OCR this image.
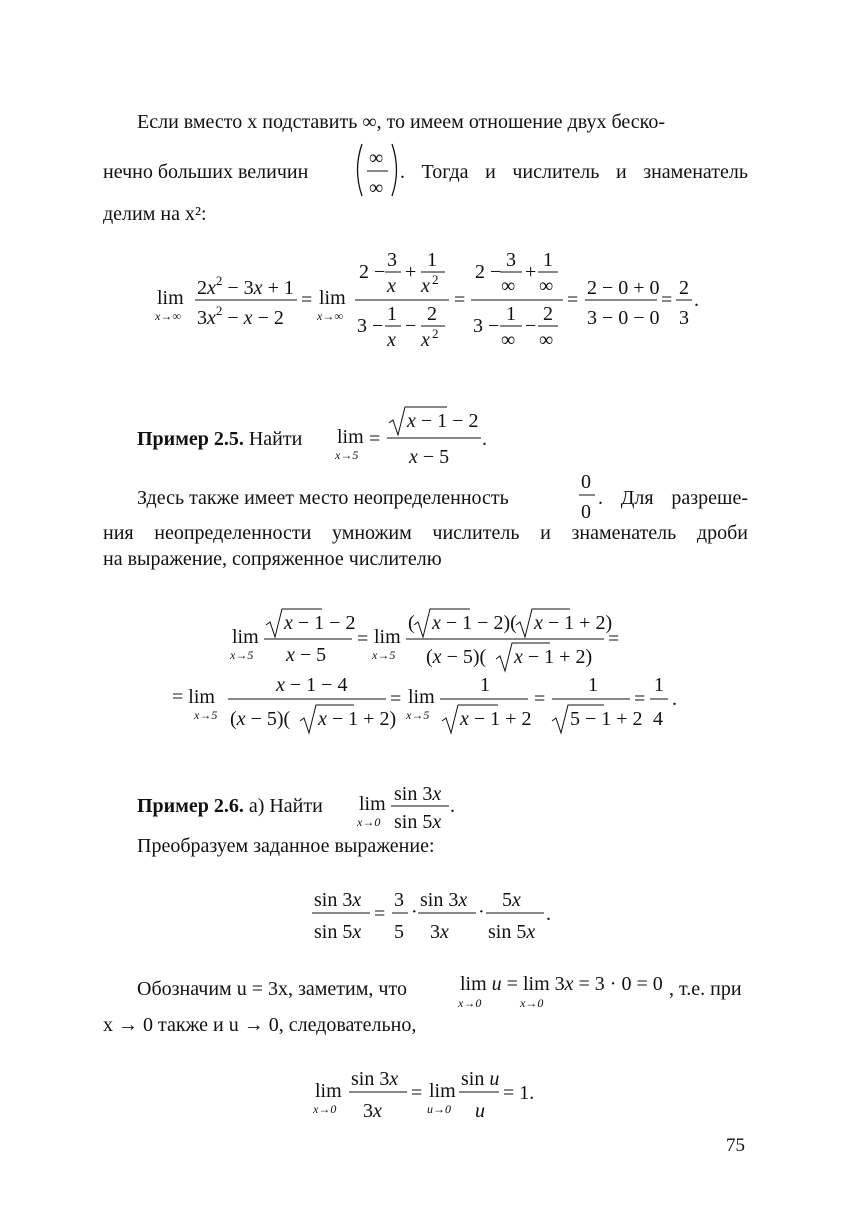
Если вместо x подставить ∞, то имеем отношение двух беско-
нечно больших величин
∞
∞
. Тогда и числитель и знаменатель
делим на x²:
lim
x→∞
$2x^2 - 3x + 1$
$3x^2 - x - 2$
= lim
x→∞
2 −
3
x
+
1
x 2
3 −
1
x
−
2
x 2
=
2 −
3
∞
+
1
∞
3 −
1
∞
−
2
∞
=
2 − 0 + 0
3 − 0 − 0
=
2
3
.
Пример 2.5. Найти lim
x→5
=
x − 1 − 2
x − 5
.
Здесь также имеет место неопределенность
0
0
. Для разреше-
ния неопределенности умножим числитель и знаменатель дроби
на выражение, сопряженное числителю
lim
x→5
x − 1 − 2
x − 5
= lim
x→5
( x − 1 − 2)( x − 1 + 2)
(x − 5)( x − 1 + 2)
=
= lim
x→5
x − 1 − 4
(x − 5)( x − 1 + 2)
= lim
x→5
1
x − 1 + 2
=
1
5 − 1 + 2
=
1
4
.
Пример 2.6. а) Найти lim
x→0
sin 3x
sin 5x
.
Преобразуем заданное выражение:
sin 3x
sin 5x
=
3
5
·
sin 3x
3x
·
5x
sin 5x
.
Обозначим u = 3x, заметим, что	lim u = lim 3x = 3 · 0 = 0
x→0	x→0
, т.е. при
x → 0 также и u → 0, следовательно,
lim
x→0
sin 3x
3x
= lim
u→0
sin u
u
= 1.
75
